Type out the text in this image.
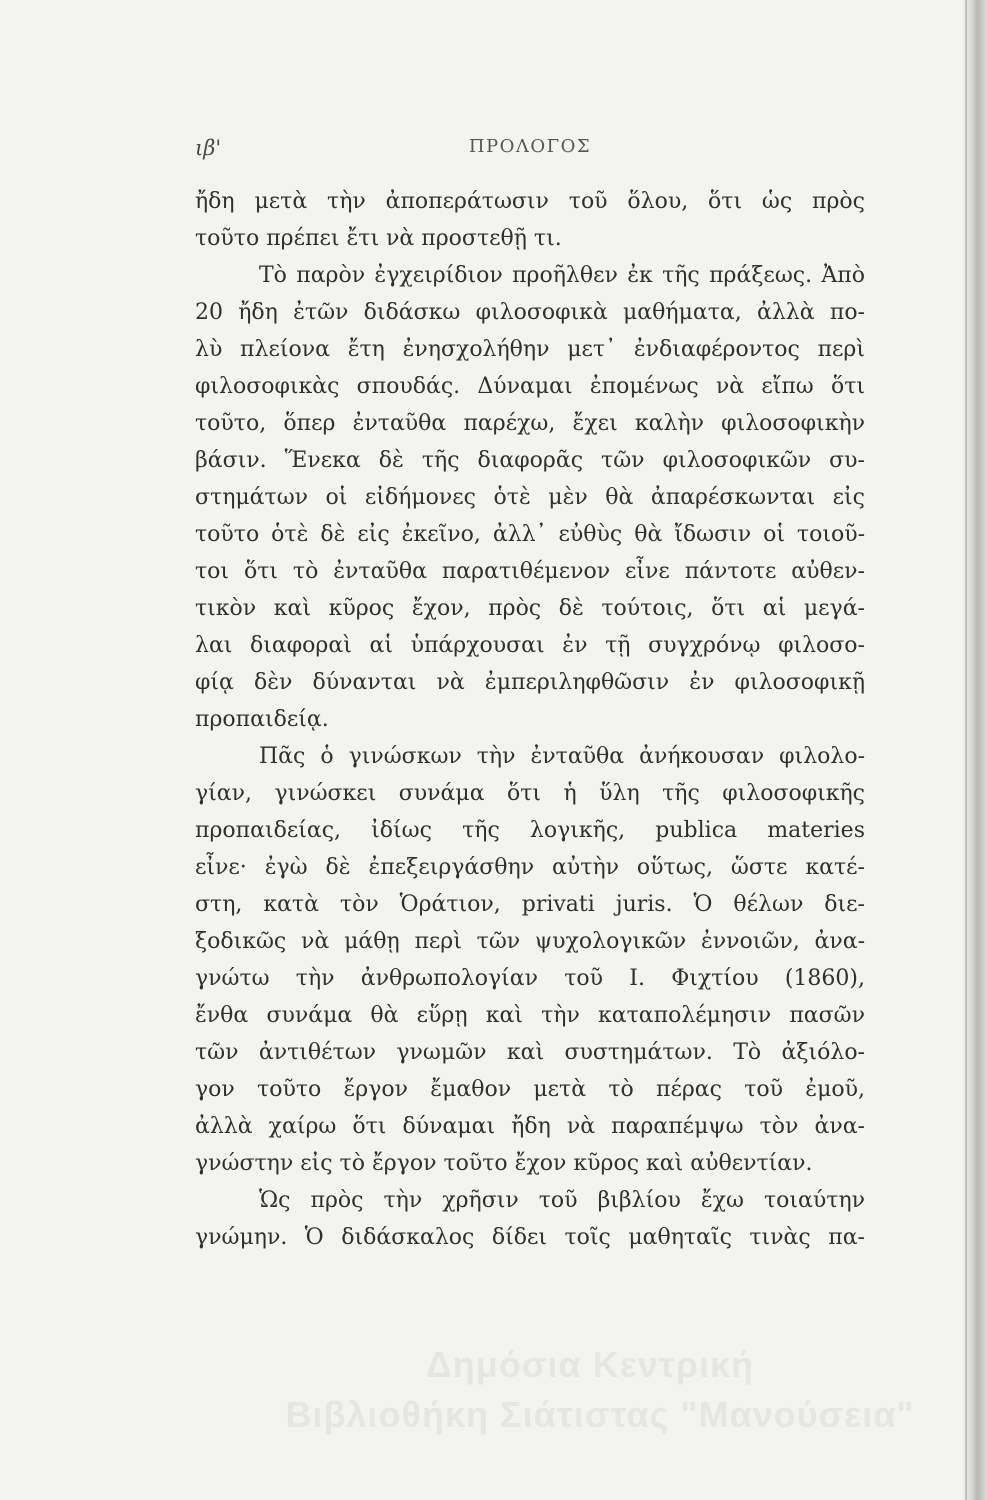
ιβ'	ΠΡΟΛΟΓΟΣ
ἤδη μετὰ τὴν ἀποπεράτωσιν τοῦ ὅλου, ὅτι ὡς πρὸς
τοῦτο πρέπει ἔτι νὰ προστεθῇ τι.
Τὸ παρὸν ἐγχειρίδιον προῆλθεν ἐκ τῆς πράξεως. Ἀπὸ
20 ἤδη ἐτῶν διδάσκω φιλοσοφικὰ μαθήματα, ἀλλὰ πο-
λὺ πλείονα ἔτη ἐνησχολήθην μετ᾿ ἐνδιαφέροντος περὶ
φιλοσοφικὰς σπουδάς. Δύναμαι ἐπομένως νὰ εἴπω ὅτι
τοῦτο, ὅπερ ἐνταῦθα παρέχω, ἔχει καλὴν φιλοσοφικὴν
βάσιν. Ἕνεκα δὲ τῆς διαφορᾶς τῶν φιλοσοφικῶν συ-
στημάτων οἱ εἰδήμονες ὁτὲ μὲν θὰ ἀπαρέσκωνται εἰς
τοῦτο ὁτὲ δὲ εἰς ἐκεῖνο, ἀλλ᾿ εὐθὺς θὰ ἴδωσιν οἱ τοιοῦ-
τοι ὅτι τὸ ἐνταῦθα παρατιθέμενον εἶνε πάντοτε αὐθεν-
τικὸν καὶ κῦρος ἔχον, πρὸς δὲ τούτοις, ὅτι αἱ μεγά-
λαι διαφοραὶ αἱ ὑπάρχουσαι ἐν τῇ συγχρόνῳ φιλοσο-
φίᾳ δὲν δύνανται νὰ ἐμπεριληφθῶσιν ἐν φιλοσοφικῇ
προπαιδείᾳ.
Πᾶς ὁ γινώσκων τὴν ἐνταῦθα ἀνήκουσαν φιλολο-
γίαν, γινώσκει συνάμα ὅτι ἡ ὕλη τῆς φιλοσοφικῆς
προπαιδείας, ἰδίως τῆς λογικῆς, publica materies
εἶνε· ἐγὼ δὲ ἐπεξειργάσθην αὐτὴν οὕτως, ὥστε κατέ-
στη, κατὰ τὸν Ὁράτιον, privati juris. Ὁ θέλων διε-
ξοδικῶς νὰ μάθῃ περὶ τῶν ψυχολογικῶν ἐννοιῶν, ἀνα-
γνώτω τὴν ἀνθρωπολογίαν τοῦ Ι. Φιχτίου (1860),
ἔνθα συνάμα θὰ εὕρῃ καὶ τὴν καταπολέμησιν πασῶν
τῶν ἀντιθέτων γνωμῶν καὶ συστημάτων. Τὸ ἀξιόλο-
γον τοῦτο ἔργον ἔμαθον μετὰ τὸ πέρας τοῦ ἐμοῦ,
ἀλλὰ χαίρω ὅτι δύναμαι ἤδη νὰ παραπέμψω τὸν ἀνα-
γνώστην εἰς τὸ ἔργον τοῦτο ἔχον κῦρος καὶ αὐθεντίαν.
Ὡς πρὸς τὴν χρῆσιν τοῦ βιβλίου ἔχω τοιαύτην
γνώμην. Ὁ διδάσκαλος δίδει τοῖς μαθηταῖς τινὰς πα-
Δημόσια Κεντρική
Βιβλιοθήκη Σιάτιστας "Μανούσεια"
